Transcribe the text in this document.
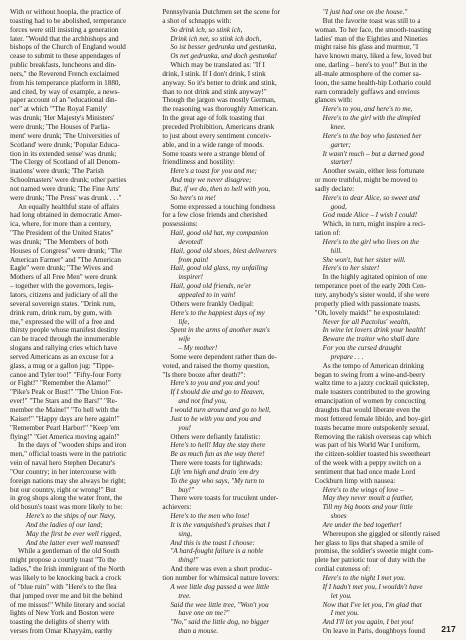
With or without hoopla, the practice of
toasting had to be abolished, temperance
forces were still insisting a generation
later. "Would that the archbishops and
bishops of the Church of England would
cease to submit to these appendages of
public breakfasts, luncheons and din-
ners," the Reverend French exclaimed
from his temperance platform in 1880,
and cited, by way of example, a news-
paper account of an "educational din-
ner" at which "'The Royal Family'
was drunk; 'Her Majesty's Ministers'
were drunk; 'The Houses of Parlia-
ment' were drunk; 'The Universities of
Scotland' were drunk; 'Popular Educa-
tion in its extended sense' was drunk;
'The Clergy of Scotland of all Denom-
inations' were drunk; 'The Parish
Schoolmasters' were drunk; other parties
not named were drunk; 'The Fine Arts'
were drunk; 'The Press' was drunk . . ."
An equally healthful state of affairs
had long obtained in democratic Amer-
ica, where, for more than a century,
"The President of the United States"
was drunk; "The Members of both
Houses of Congress" were drunk; "The
American Farmer" and "The American
Eagle" were drunk; "The Wives and
Mothers of all Free Men" were drunk
– together with the governors, legis-
lators, citizens and judiciary of all the
several sovereign states. "Drink rum,
drink rum, drink rum, by gum, with
me," expressed the will of a free and
thirsty people whose manifest destiny
can be traced through the innumerable
slogans and rallying cries which have
served Americans as an excuse for a
glass, a mug or a gallon jug: "Tippe-
canoe and Tyler too!" "Fifty-four Forty
or Fight!" "Remember the Alamo!"
"Pike's Peak or Bust!" "The Union For-
ever!" "The Stars and the Bars!" "Re-
member the Maine!" "To hell with the
Kaiser!" "Happy days are here again!"
"Remember Pearl Harbor!" "Keep 'em
flying!" "Get America moving again!"
In the days of "wooden ships and iron
men," official toasts were in the patriotic
vein of naval hero Stephen Decatur's
"Our country; in her intercourse with
foreign nations may she always be right;
but our country, right or wrong!" But
in grog shops along the water front, the
old bosun's toast was more likely to be:
Here's to the ships of our Navy,
And the ladies of our land;
May the first be ever well rigged,
And the latter ever well manned!
While a gentleman of the old South
might propose a courtly toast "To the
ladies," the Irish immigrant of the North
was likely to be knocking back a crock
of "blue ruin" with "Here's to the flea
that jumped over me and bit the behind
of me missus!" While literary and social
lights of New York and Boston were
toasting the delights of sherry with
verses from Omar Khayyám, earthy
Pennsylvania Dutchmen set the scene for
a shot of schnapps with:
So drink ich, so stink ich,
Drink ich net, so stink ich doch,
So ist besser gedrunka und gestunka,
Os net gedrunka, und doch gestunka!
Which may be translated as: "If I
drink, I stink. If I don't drink, I stink
anyway. So it's better to drink and stink,
than to not drink and stink anyway!"
Though the jargon was mostly German,
the reasoning was thoroughly American.
In the great age of folk toasting that
preceded Prohibition, Americans drank
to just about every sentiment conceiv-
able, and in a wide range of moods.
Some toasts were a strange blend of
friendliness and hostility:
Here's a toast for you and me;
And may we never disagree;
But, if we do, then to hell with you,
So here's to me!
Some expressed a touching fondness
for a few close friends and cherished
possessions:
Hail, good old hat, my companion
devoted!
Hail, good old shoes, blest deliverers
from pain!
Hail, good old glass, my unfailing
inspirer!
Hail, good old friends, ne'er
appealed to in vain!
Others were frankly Oedipal:
Here's to the happiest days of my
life,
Spent in the arms of another man's
wife
– My mother!
Some were dependent rather than de-
voted, and raised the thorny question,
"Is there booze after death?":
Here's to you and you and you!
If I should die and go to Heaven,
and not find you,
I would turn around and go to hell,
Just to be with you and you and
you!
Others were defiantly fatalistic:
Here's to hell! May the stay there
Be as much fun as the way there!
There were toasts for tightwads:
Lift 'em high and drain 'em dry
To the guy who says, "My turn to
buy!"
There were toasts for truculent under-
achievers:
Here's to the men who lose!
It is the vanquished's praises that I
sing,
And this is the toast I choose:
"A hard-fought failure is a noble
thing!"
And there was even a short produc-
tion number for whimsical nature lovers:
A wee little dog passed a wee little
tree.
Said the wee little tree, "Won't you
have one on me?"
"No," said the little dog, no bigger
than a mouse.
"I just had one on the house."
But the favorite toast was still to a
woman. To her face, the smooth-toasting
ladies' man of the Eighties and Nineties
might raise his glass and murmur, "I
have known many, liked a few, loved but
one, darling – here's to you!" But in the
all-male atmosphere of the corner sa-
loon, the same health-hip Lothario could
earn comradely guffaws and envious
glances with:
Here's to you, and here's to me,
Here's to the girl with the dimpled
knee.
Here's to the boy who fastened her
garter;
It wasn't much – but a darned good
starter!
Another swain, either less fortunate
or more truthful, might be moved to
sadly declare:
Here's to dear Alice, so sweet and
good,
God made Alice – I wish I could!
Which, in turn, might inspire a reci-
tation of:
Here's to the girl who lives on the
hill.
She won't, but her sister will.
Here's to her sister!
In the highly agitated opinion of one
temperance poet of the early 20th Cen-
tury, anybody's sister would, if she were
properly plied with passionate toasts.
"Oh, lovely maids!" he expostulated:
Never for all Pactolus' wealth,
In wine let lovers drink your health!
Beware the traitor who shall dare
For you the cursed draught
prepare . . .
As the tempo of American drinking
began to swing from a wine-and-beery
waltz time to a jazzy cocktail quickstep,
male toasters contributed to the growing
emancipation of women by concocting
draughts that would liberate even the
most fettered female libido, and boy-girl
toasts became more outspokenly sexual.
Removing the rakish overseas cap which
was part of his World War I uniform,
the citizen-soldier toasted his sweetheart
of the week with a peppy switch on a
sentiment that had once made Lord
Cockburn limp with nausea:
Here's to the wings of love –
May they never moult a feather,
Till my big boots and your little
shoes
Are under the bed together!
Whereupon she giggled or silently raised
her glass to lips that shaped a smile of
promise, the soldier's sweetie might com-
plete her patriotic tour of duty with the
cordial cuteness of:
Here's to the night I met you.
If I hadn't met you, I wouldn't have
let you.
Now that I've let you, I'm glad that
I met you.
And I'll let you again, I bet you!
On leave in Paris, doughboys found	217
